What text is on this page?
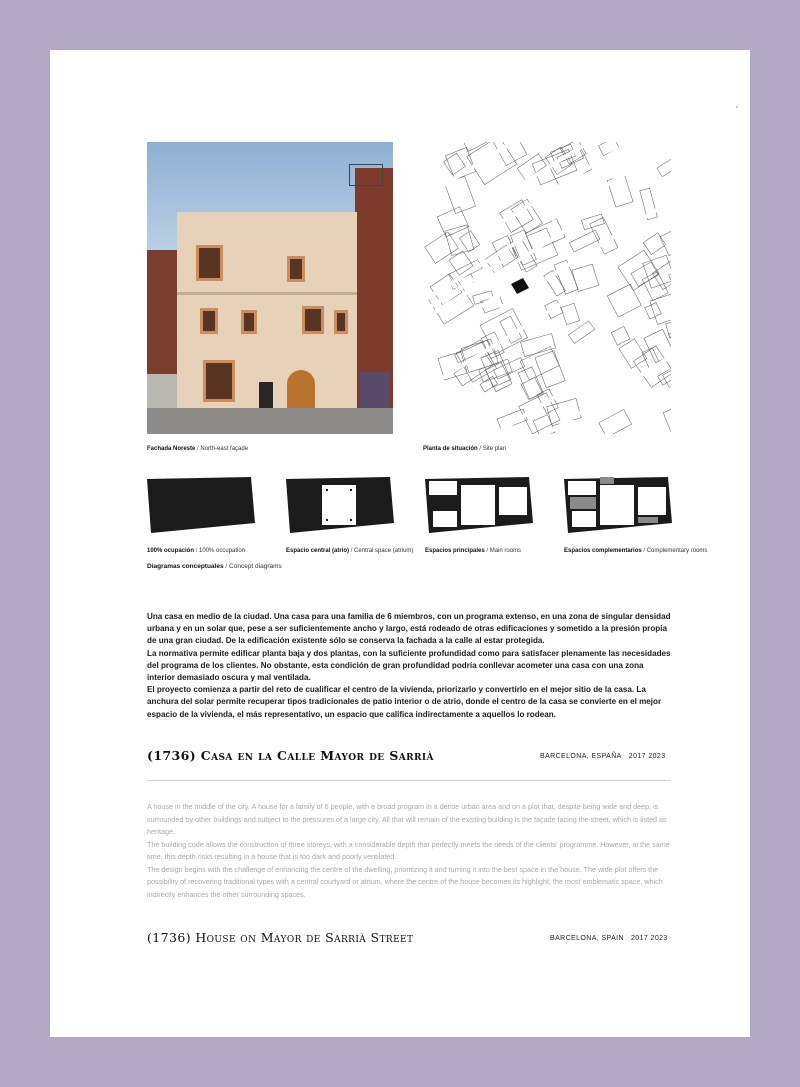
Fachada Noreste / North-east façade	Planta de situación / Site plan
100% ocupación / 100% occupation	Espacio central (atrio) / Central space (atrium) Espacios principales / Main rooms	Espacios complementarios / Complementary rooms
Diagramas conceptuales / Concept diagrams

Una casa en medio de la ciudad. Una casa para una familia de 6 miembros, con un programa extenso, en una zona de singular densidad urbana y en un solar que, pese a ser suficientemente ancho y largo, está rodeado de otras edificaciones y sometido a la presión propia de una gran ciudad. De la edificación existente sólo se conserva la fachada a la calle al estar protegida.

La normativa permite edificar planta baja y dos plantas, con la suficiente profundidad como para satisfacer plenamente las necesidades del programa de los clientes. No obstante, esta condición de gran profundidad podría conllevar acometer una casa con una zona interior demasiado oscura y mal ventilada.

El proyecto comienza a partir del reto de cualificar el centro de la vivienda, priorizarlo y convertirlo en el mejor sitio de la casa. La anchura del solar permite recuperar tipos tradicionales de patio interior o de atrio, donde el centro de la casa se convierte en el mejor espacio de la vivienda, el más representativo, un espacio que califica indirectamente a aquellos lo rodean.

(1736) Casa en la Calle Mayor de Sarrià	BARCELONA, ESPAÑA 2017 2023

A house in the middle of the city. A house for a family of 6 people, with a broad program in a dense urban area and on a plot that, despite being wide and deep, is surrounded by other buildings and subject to the pressures of a large city. All that will remain of the existing building is the façade facing the street, which is listed as heritage.

The building code allows the construction of three storeys, with a considerable depth that perfectly meets the needs of the clients' programme. However, at the same time, this depth risks resulting in a house that is too dark and poorly ventilated.

The design begins with the challenge of enhancing the centre of the dwelling, prioritizing it and turning it into the best space in the house. The wide plot offers the possibility of recovering traditional types with a central courtyard or atrium, where the centre of the house becomes its highlight, the most emblematic space, which indirectly enhances the other surrounding spaces.

(1736) House on Mayor de Sarrià Street	BARCELONA, SPAIN 2017 2023
